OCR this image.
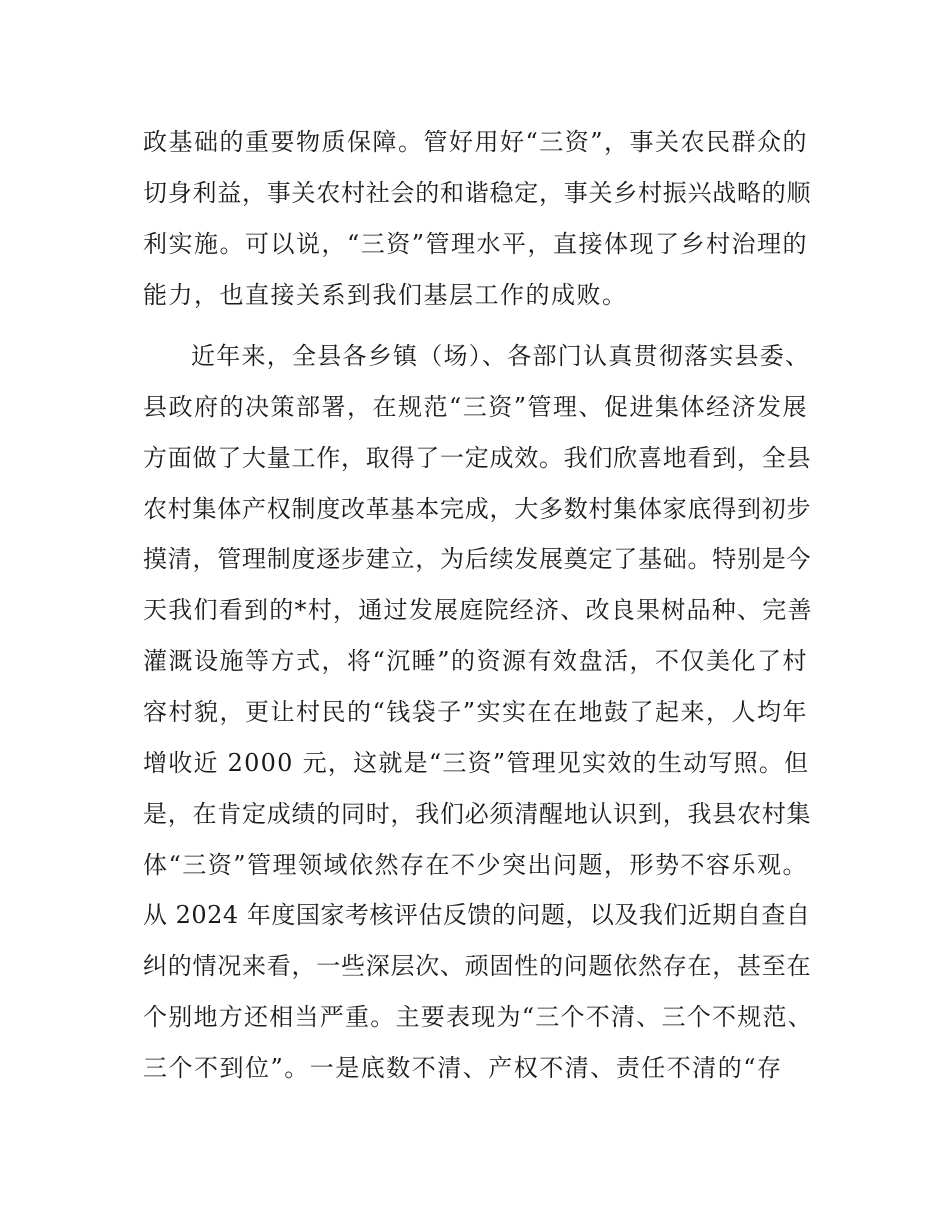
政基础的重要物质保障。管好用好“三资”，事关农民群众的
切身利益，事关农村社会的和谐稳定，事关乡村振兴战略的顺
利实施。可以说，“三资”管理水平，直接体现了乡村治理的
能力，也直接关系到我们基层工作的成败。
近年来，全县各乡镇（场）、各部门认真贯彻落实县委、
县政府的决策部署，在规范“三资”管理、促进集体经济发展
方面做了大量工作，取得了一定成效。我们欣喜地看到，全县
农村集体产权制度改革基本完成，大多数村集体家底得到初步
摸清，管理制度逐步建立，为后续发展奠定了基础。特别是今
天我们看到的*村，通过发展庭院经济、改良果树品种、完善
灌溉设施等方式，将“沉睡”的资源有效盘活，不仅美化了村
容村貌，更让村民的“钱袋子”实实在在地鼓了起来，人均年
增收近 2000 元，这就是“三资”管理见实效的生动写照。但
是，在肯定成绩的同时，我们必须清醒地认识到，我县农村集
体“三资”管理领域依然存在不少突出问题，形势不容乐观。
从 2024 年度国家考核评估反馈的问题，以及我们近期自查自
纠的情况来看，一些深层次、顽固性的问题依然存在，甚至在
个别地方还相当严重。主要表现为“三个不清、三个不规范、
三个不到位”。一是底数不清、产权不清、责任不清的“存
